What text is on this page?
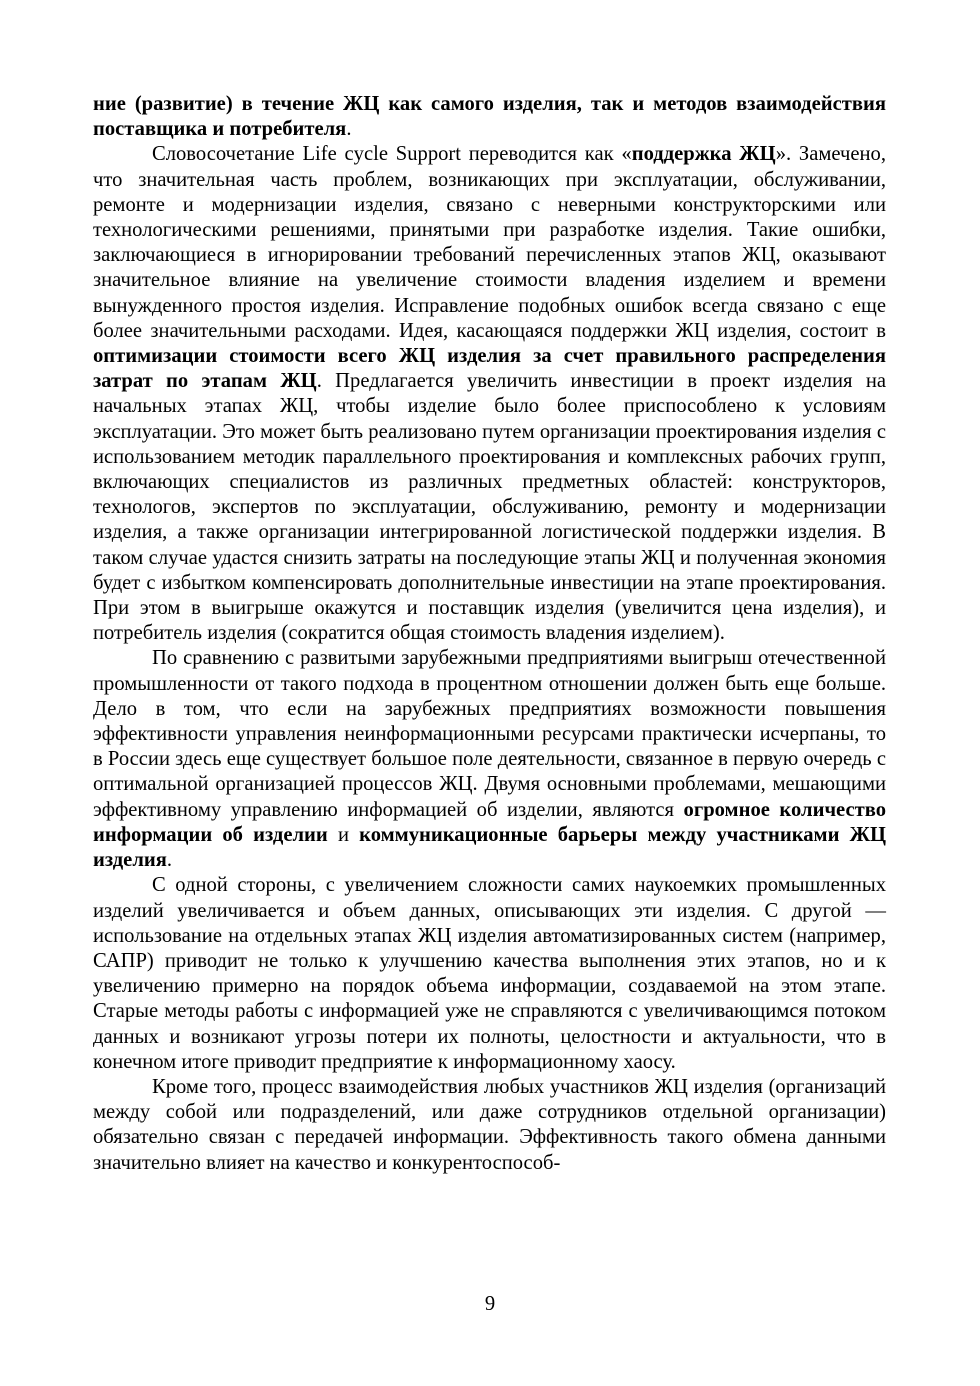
ние (развитие) в течение ЖЦ как самого изделия, так и методов взаимодействия поставщика и потребителя.

Словосочетание Life cycle Support переводится как «поддержка ЖЦ». Замечено, что значительная часть проблем, возникающих при эксплуатации, обслуживании, ремонте и модернизации изделия, связано с неверными конструкторскими или технологическими решениями, принятыми при разработке изделия. Такие ошибки, заключающиеся в игнорировании требований перечисленных этапов ЖЦ, оказывают значительное влияние на увеличение стоимости владения изделием и времени вынужденного простоя изделия. Исправление подобных ошибок всегда связано с еще более значительными расходами. Идея, касающаяся поддержки ЖЦ изделия, состоит в оптимизации стоимости всего ЖЦ изделия за счет правильного распределения затрат по этапам ЖЦ. Предлагается увеличить инвестиции в проект изделия на начальных этапах ЖЦ, чтобы изделие было более приспособлено к условиям эксплуатации. Это может быть реализовано путем организации проектирования изделия с использованием методик параллельного проектирования и комплексных рабочих групп, включающих специалистов из различных предметных областей: конструкторов, технологов, экспертов по эксплуатации, обслуживанию, ремонту и модернизации изделия, а также организации интегрированной логистической поддержки изделия. В таком случае удастся снизить затраты на последующие этапы ЖЦ и полученная экономия будет с избытком компенсировать дополнительные инвестиции на этапе проектирования. При этом в выигрыше окажутся и поставщик изделия (увеличится цена изделия), и потребитель изделия (сократится общая стоимость владения изделием).

По сравнению с развитыми зарубежными предприятиями выигрыш отечественной промышленности от такого подхода в процентном отношении должен быть еще больше. Дело в том, что если на зарубежных предприятиях возможности повышения эффективности управления неинформационными ресурсами практически исчерпаны, то в России здесь еще существует большое поле деятельности, связанное в первую очередь с оптимальной организацией процессов ЖЦ. Двумя основными проблемами, мешающими эффективному управлению информацией об изделии, являются огромное количество информации об изделии и коммуникационные барьеры между участниками ЖЦ изделия.

С одной стороны, с увеличением сложности самих наукоемких промышленных изделий увеличивается и объем данных, описывающих эти изделия. С другой — использование на отдельных этапах ЖЦ изделия автоматизированных систем (например, САПР) приводит не только к улучшению качества выполнения этих этапов, но и к увеличению примерно на порядок объема информации, создаваемой на этом этапе. Старые методы работы с информацией уже не справляются с увеличивающимся потоком данных и возникают угрозы потери их полноты, целостности и актуальности, что в конечном итоге приводит предприятие к информационному хаосу.

Кроме того, процесс взаимодействия любых участников ЖЦ изделия (организаций между собой или подразделений, или даже сотрудников отдельной организации) обязательно связан с передачей информации. Эффективность такого обмена данными значительно влияет на качество и конкурентоспособ-

9
